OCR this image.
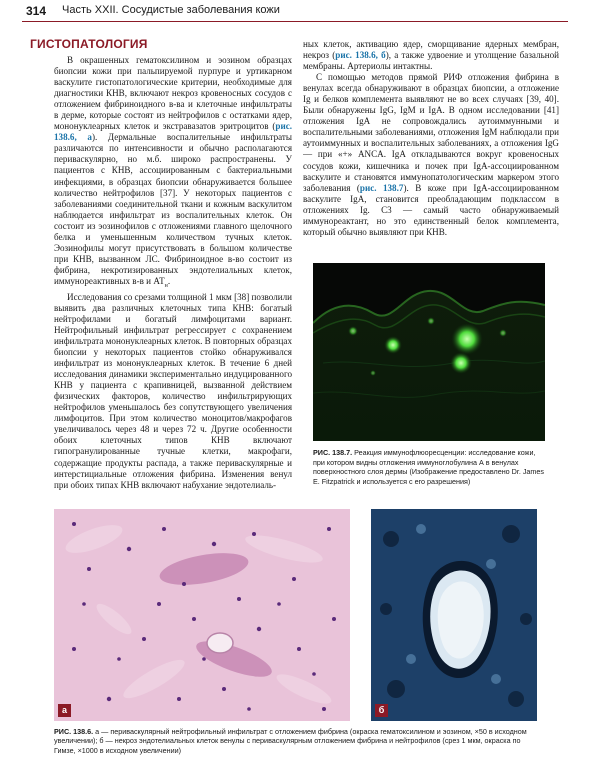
314 Часть XXII. Сосудистые заболевания кожи
ГИСТОПАТОЛОГИЯ

В окрашенных гематоксилином и эозином образцах биопсии кожи при пальпируемой пурпуре и уртикарном васкулите гистопатологические критерии, необходимые для диагностики КНВ, включают некроз кровеносных сосудов с отложением фибриноидного в-ва и клеточные инфильтраты в дерме, которые состоят из нейтрофилов с остатками ядер, мононуклеарных клеток и экстравазатов эритроцитов (рис. 138.6, а). Дермальные воспалительные инфильтраты различаются по интенсивности и обычно располагаются периваскулярно, но м.б. широко распространены. У пациентов с КНВ, ассоциированным с бактериальными инфекциями, в образцах биопсии обнаруживается большее количество нейтрофилов [37]. У некоторых пациентов с заболеваниями соединительной ткани и кожным васкулитом наблюдается инфильтрат из воспалительных клеток. Он состоит из эозинофилов с отложениями главного щелочного белка и уменьшенным количеством тучных клеток. Эозинофилы могут присутствовать в большом количестве при КНВ, вызванном ЛС. Фибриноидное в-во состоит из фибрина, некротизированных эндотелиальных клеток, иммунореактивных в-в и $АТ_н$.

Исследования со срезами толщиной 1 мкм [38] позволили выявить два различных клеточных типа КНВ: богатый нейтрофилами и богатый лимфоцитами вариант. Нейтрофильный инфильтрат регрессирует с сохранением инфильтрата мононуклеарных клеток. В повторных образцах биопсии у некоторых пациентов стойко обнаруживался инфильтрат из мононуклеарных клеток. В течение 6 дней исследования динамики экспериментально индуцированного КНВ у пациента с крапивницей, вызванной действием физических факторов, количество инфильтрирующих нейтрофилов уменьшалось без сопутствующего увеличения лимфоцитов. При этом количество моноцитов/макрофагов увеличивалось через 48 и через 72 ч. Другие особенности обоих клеточных типов КНВ включают гипогранулированные тучные клетки, макрофаги, содержащие продукты распада, а также периваскулярные и интерстициальные отложения фибрина. Изменения венул при обоих типах КНВ включают набухание эндотелиаль-

ных клеток, активацию ядер, сморщивание ядерных мембран, некроз (рис. 138.6, б), а также удвоение и утолщение базальной мембраны. Артериолы интактны.

С помощью методов прямой РИФ отложения фибрина в венулах всегда обнаруживают в образцах биопсии, а отложение Ig и белков комплемента выявляют не во всех случаях [39, 40]. Были обнаружены IgG, IgM и IgA. В одном исследовании [41] отложения IgA не сопровождались аутоиммунными и воспалительными заболеваниями, отложения IgM наблюдали при аутоиммунных и воспалительных заболеваниях, а отложения IgG — при «+» ANCA. IgA откладываются вокруг кровеносных сосудов кожи, кишечника и почек при IgA-ассоциированном васкулите и становятся иммунопатологическим маркером этого заболевания (рис. 138.7). В коже при IgA-ассоциированном васкулите IgA, становится преобладающим подклассом в отложениях Ig. С3 — самый часто обнаруживаемый иммунореактант, но это единственный белок комплемента, который обычно выявляют при КНВ.

РИС. 138.7. Реакция иммунофлюоресценции: исследование кожи, при котором видны отложения иммуноглобулина А в венулах поверхностного слоя дермы (Изображение предоставлено Dr. James E. Fitzpatrick и используется с его разрешения)
а	б
РИС. 138.6. а — периваскулярный нейтрофильный инфильтрат с отложением фибрина (окраска гематоксилином и эозином, ×50 в исходном увеличении); б — некроз эндотелиальных клеток венулы с периваскулярным отложением фибрина и нейтрофилов (срез 1 мкм, окраска по Гимзе, ×1000 в исходном увеличении)
